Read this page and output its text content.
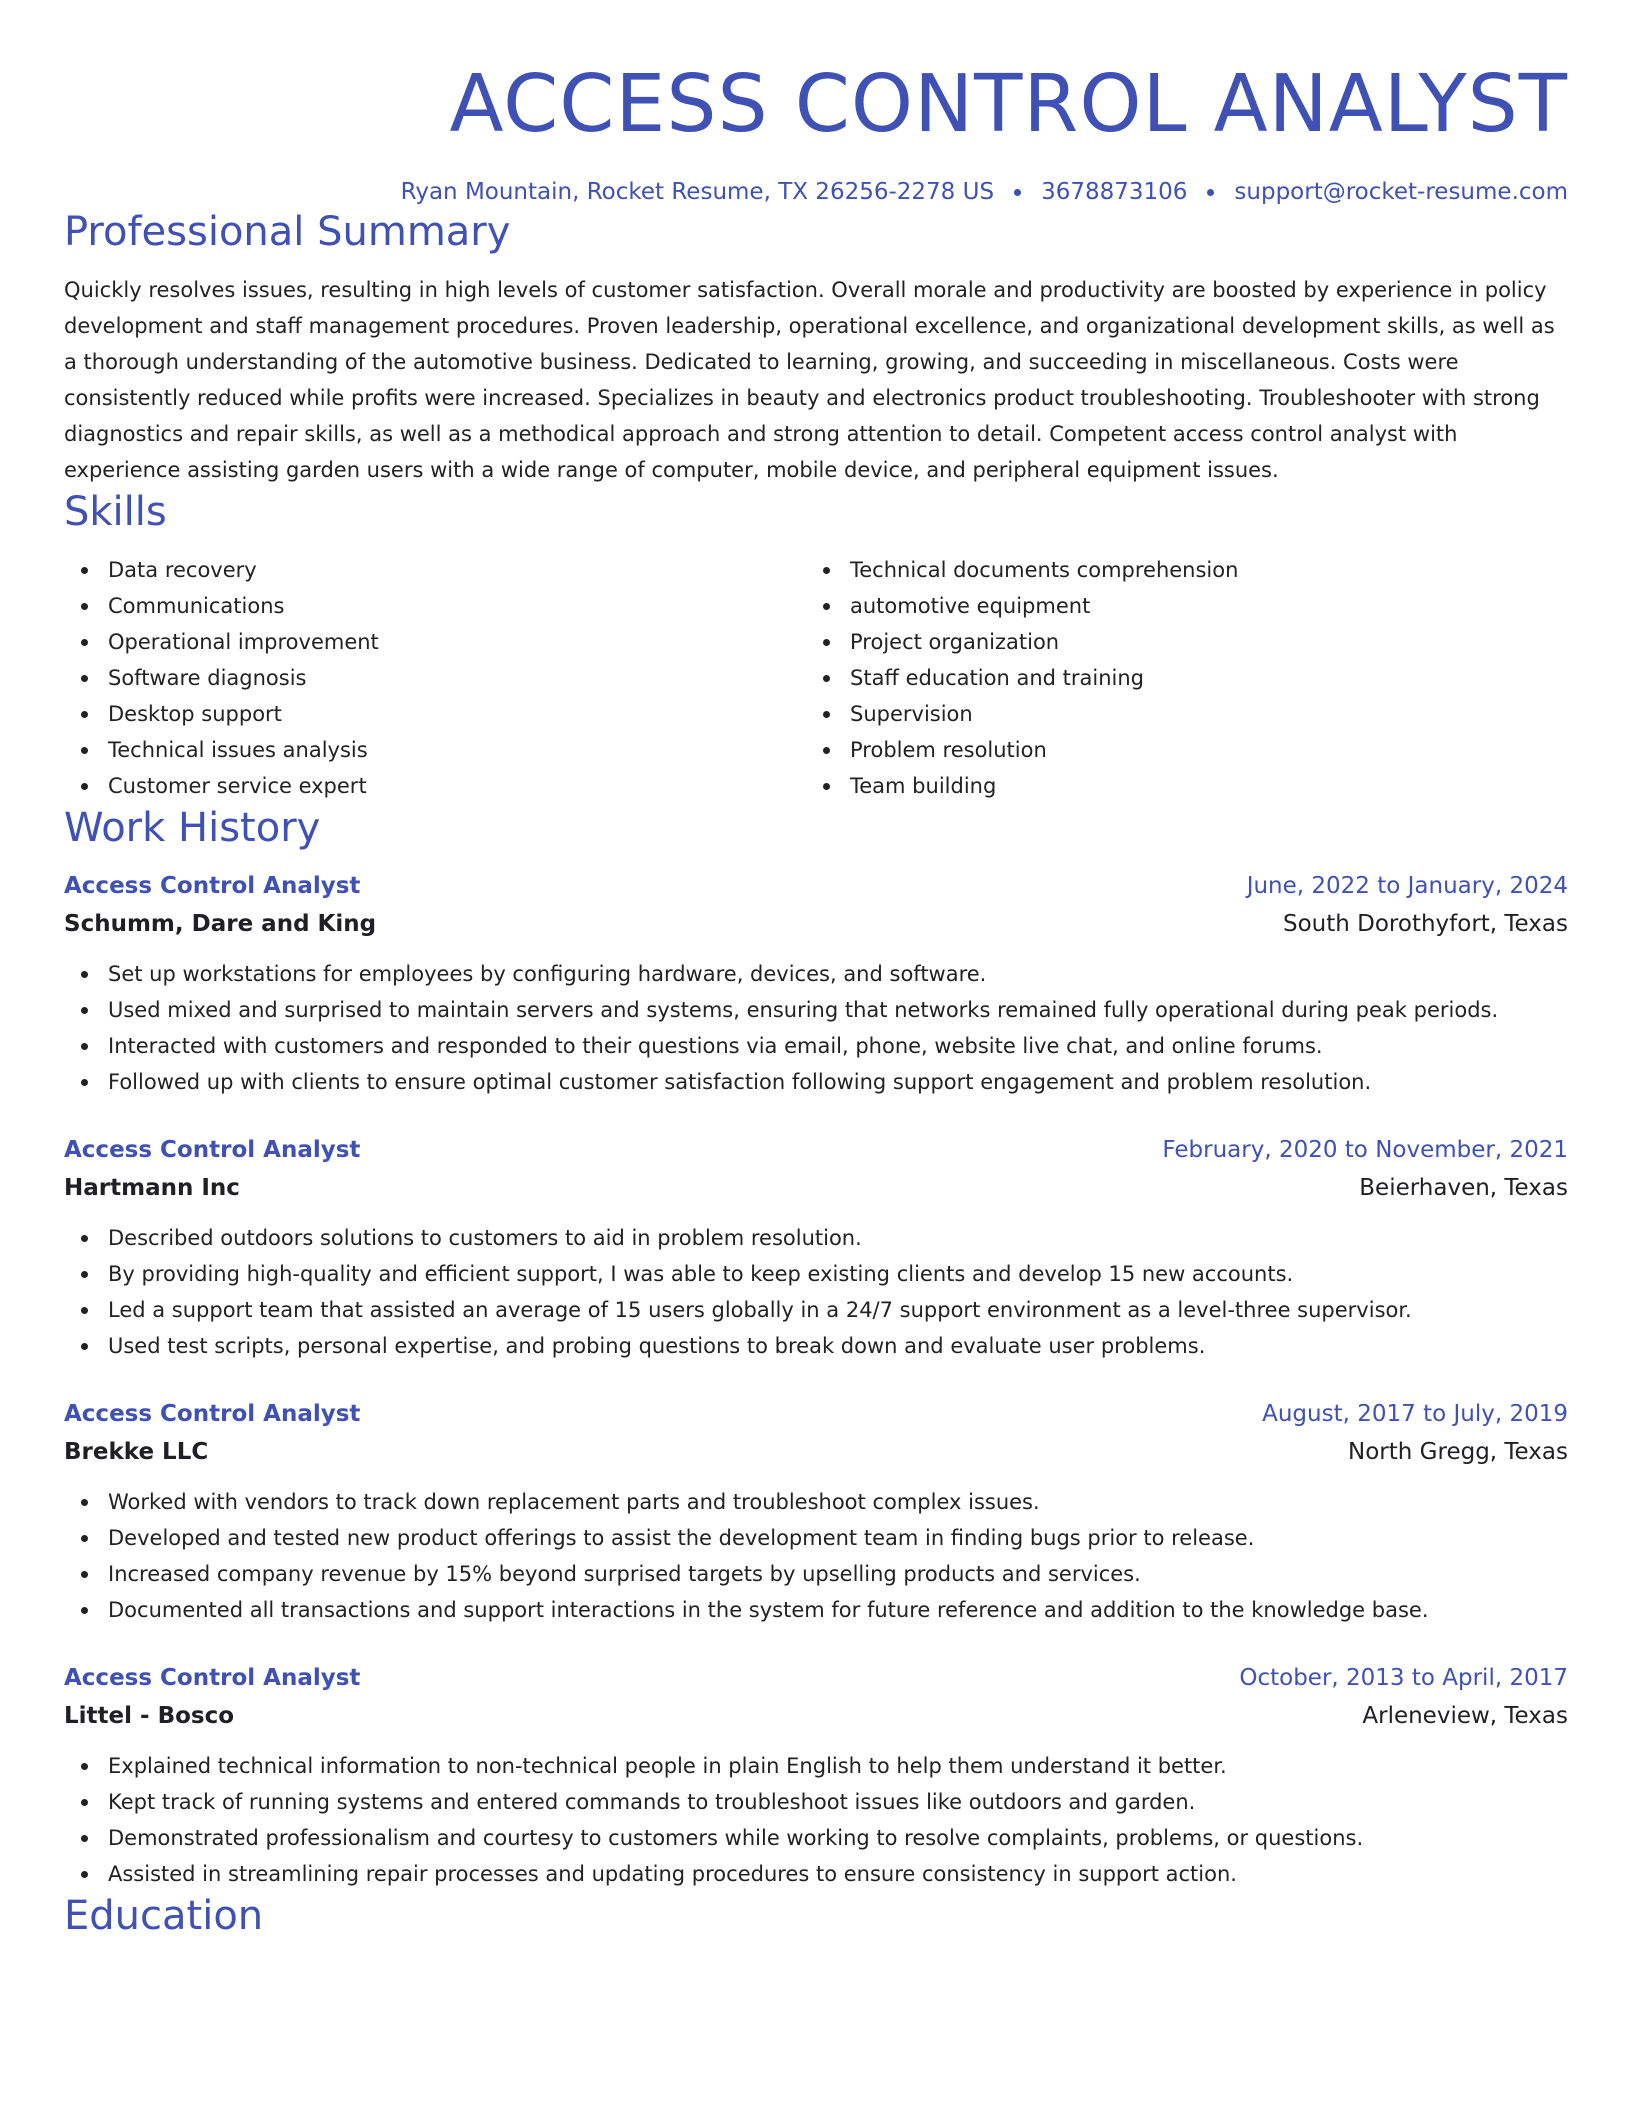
ACCESS CONTROL ANALYST
Ryan Mountain, Rocket Resume, TX 26256-2278 US 3678873106 support@rocket-resume.com
Professional Summary

Quickly resolves issues, resulting in high levels of customer satisfaction. Overall morale and productivity are boosted by experience in policy development and staff management procedures. Proven leadership, operational excellence, and organizational development skills, as well as a thorough understanding of the automotive business. Dedicated to learning, growing, and succeeding in miscellaneous. Costs were consistently reduced while profits were increased. Specializes in beauty and electronics product troubleshooting. Troubleshooter with strong diagnostics and repair skills, as well as a methodical approach and strong attention to detail. Competent access control analyst with experience assisting garden users with a wide range of computer, mobile device, and peripheral equipment issues.

Skills
Data recovery
Communications
Operational improvement
Software diagnosis
Desktop support
Technical issues analysis
Customer service expert
Technical documents comprehension
automotive equipment
Project organization
Staff education and training
Supervision
Problem resolution
Team building
Work History
Access Control Analyst	June, 2022 to January, 2024
Schumm, Dare and King	South Dorothyfort, Texas
Set up workstations for employees by configuring hardware, devices, and software.
Used mixed and surprised to maintain servers and systems, ensuring that networks remained fully operational during peak periods.
Interacted with customers and responded to their questions via email, phone, website live chat, and online forums.
Followed up with clients to ensure optimal customer satisfaction following support engagement and problem resolution.
Access Control Analyst	February, 2020 to November, 2021
Hartmann Inc	Beierhaven, Texas
Described outdoors solutions to customers to aid in problem resolution.
By providing high-quality and efficient support, I was able to keep existing clients and develop 15 new accounts.
Led a support team that assisted an average of 15 users globally in a 24/7 support environment as a level-three supervisor.
Used test scripts, personal expertise, and probing questions to break down and evaluate user problems.
Access Control Analyst	August, 2017 to July, 2019
Brekke LLC	North Gregg, Texas
Worked with vendors to track down replacement parts and troubleshoot complex issues.
Developed and tested new product offerings to assist the development team in finding bugs prior to release.
Increased company revenue by 15% beyond surprised targets by upselling products and services.
Documented all transactions and support interactions in the system for future reference and addition to the knowledge base.
Access Control Analyst	October, 2013 to April, 2017
Littel - Bosco	Arleneview, Texas
Explained technical information to non-technical people in plain English to help them understand it better.
Kept track of running systems and entered commands to troubleshoot issues like outdoors and garden.
Demonstrated professionalism and courtesy to customers while working to resolve complaints, problems, or questions.
Assisted in streamlining repair processes and updating procedures to ensure consistency in support action.
Education
